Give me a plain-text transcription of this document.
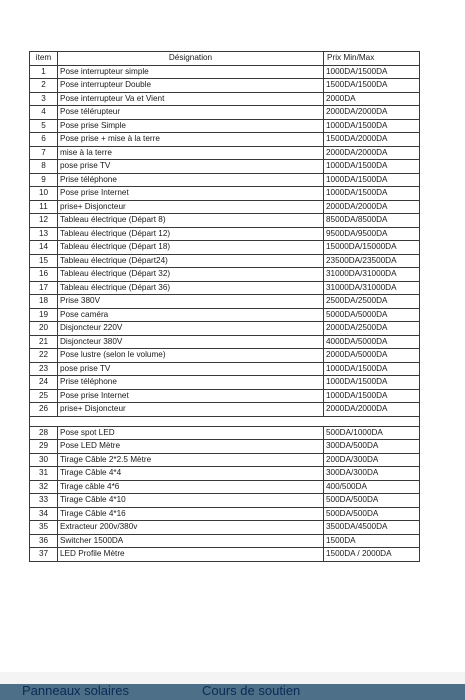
item	Désignation	Prix Min/Max
1	Pose interrupteur simple	1000DA/1500DA
2	Pose interrupteur Double	1500DA/1500DA
3	Pose interrupteur Va et Vient	2000DA
4	Pose télérupteur	2000DA/2000DA
5	Pose prise Simple	1000DA/1500DA
6	Pose prise + mise à la terre	1500DA/2000DA
7	mise à la terre	2000DA/2000DA
8	pose prise TV	1000DA/1500DA
9	Prise téléphone	1000DA/1500DA
10	Pose prise Internet	1000DA/1500DA
11	prise+ Disjoncteur	2000DA/2000DA
12	Tableau électrique (Départ 8)	8500DA/8500DA
13	Tableau électrique (Départ 12)	9500DA/9500DA
14	Tableau électrique (Départ 18)	15000DA/15000DA
15	Tableau électrique (Départ24)	23500DA/23500DA
16	Tableau électrique (Départ 32)	31000DA/31000DA
17	Tableau électrique (Départ 36)	31000DA/31000DA
18	Prise 380V	2500DA/2500DA
19	Pose caméra	5000DA/5000DA
20	Disjoncteur 220V	2000DA/2500DA
21	Disjoncteur 380V	4000DA/5000DA
22	Pose lustre (selon le volume)	2000DA/5000DA
23	pose prise TV	1000DA/1500DA
24	Prise téléphone	1000DA/1500DA
25	Pose prise Internet	1000DA/1500DA
26	prise+ Disjoncteur	2000DA/2000DA

28	Pose spot LED	500DA/1000DA
29	Pose LED Mètre	300DA/500DA
30	Tirage Câble 2*2.5 Mètre	200DA/300DA
31	Tirage Câble 4*4	300DA/300DA
32	Tirage câble 4*6	400/500DA
33	Tirage Câble 4*10	500DA/500DA
34	Tirage Câble 4*16	500DA/500DA
35	Extracteur 200v/380v	3500DA/4500DA
36	Switcher 1500DA	1500DA
37	LED Profile Mètre	1500DA / 2000DA
Panneaux solaires	Cours de soutien
